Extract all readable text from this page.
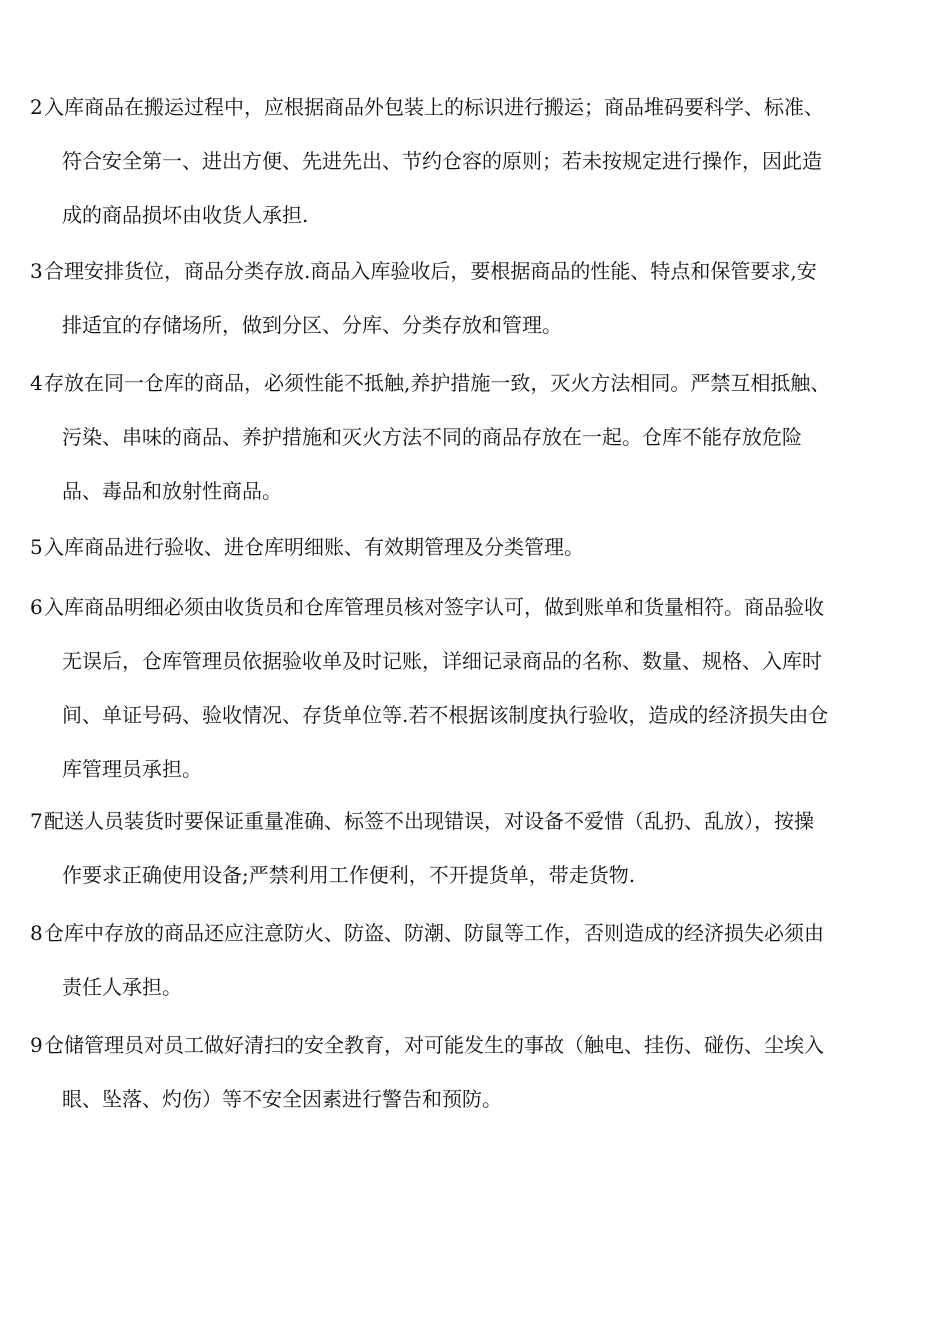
2入库商品在搬运过程中，应根据商品外包装上的标识进行搬运；商品堆码要科学、标准、
符合安全第一、进出方便、先进先出、节约仓容的原则；若未按规定进行操作，因此造
成的商品损坏由收货人承担.
3合理安排货位，商品分类存放.商品入库验收后，要根据商品的性能、特点和保管要求,安
排适宜的存储场所，做到分区、分库、分类存放和管理。
4存放在同一仓库的商品，必须性能不抵触,养护措施一致，灭火方法相同。严禁互相抵触、
污染、串味的商品、养护措施和灭火方法不同的商品存放在一起。仓库不能存放危险
品、毒品和放射性商品。
5入库商品进行验收、进仓库明细账、有效期管理及分类管理。
6入库商品明细必须由收货员和仓库管理员核对签字认可，做到账单和货量相符。商品验收
无误后，仓库管理员依据验收单及时记账，详细记录商品的名称、数量、规格、入库时
间、单证号码、验收情况、存货单位等.若不根据该制度执行验收，造成的经济损失由仓
库管理员承担。
7配送人员装货时要保证重量准确、标签不出现错误，对设备不爱惜（乱扔、乱放），按操
作要求正确使用设备;严禁利用工作便利，不开提货单，带走货物.
8仓库中存放的商品还应注意防火、防盗、防潮、防鼠等工作，否则造成的经济损失必须由
责任人承担。
9仓储管理员对员工做好清扫的安全教育，对可能发生的事故（触电、挂伤、碰伤、尘埃入
眼、坠落、灼伤）等不安全因素进行警告和预防。
